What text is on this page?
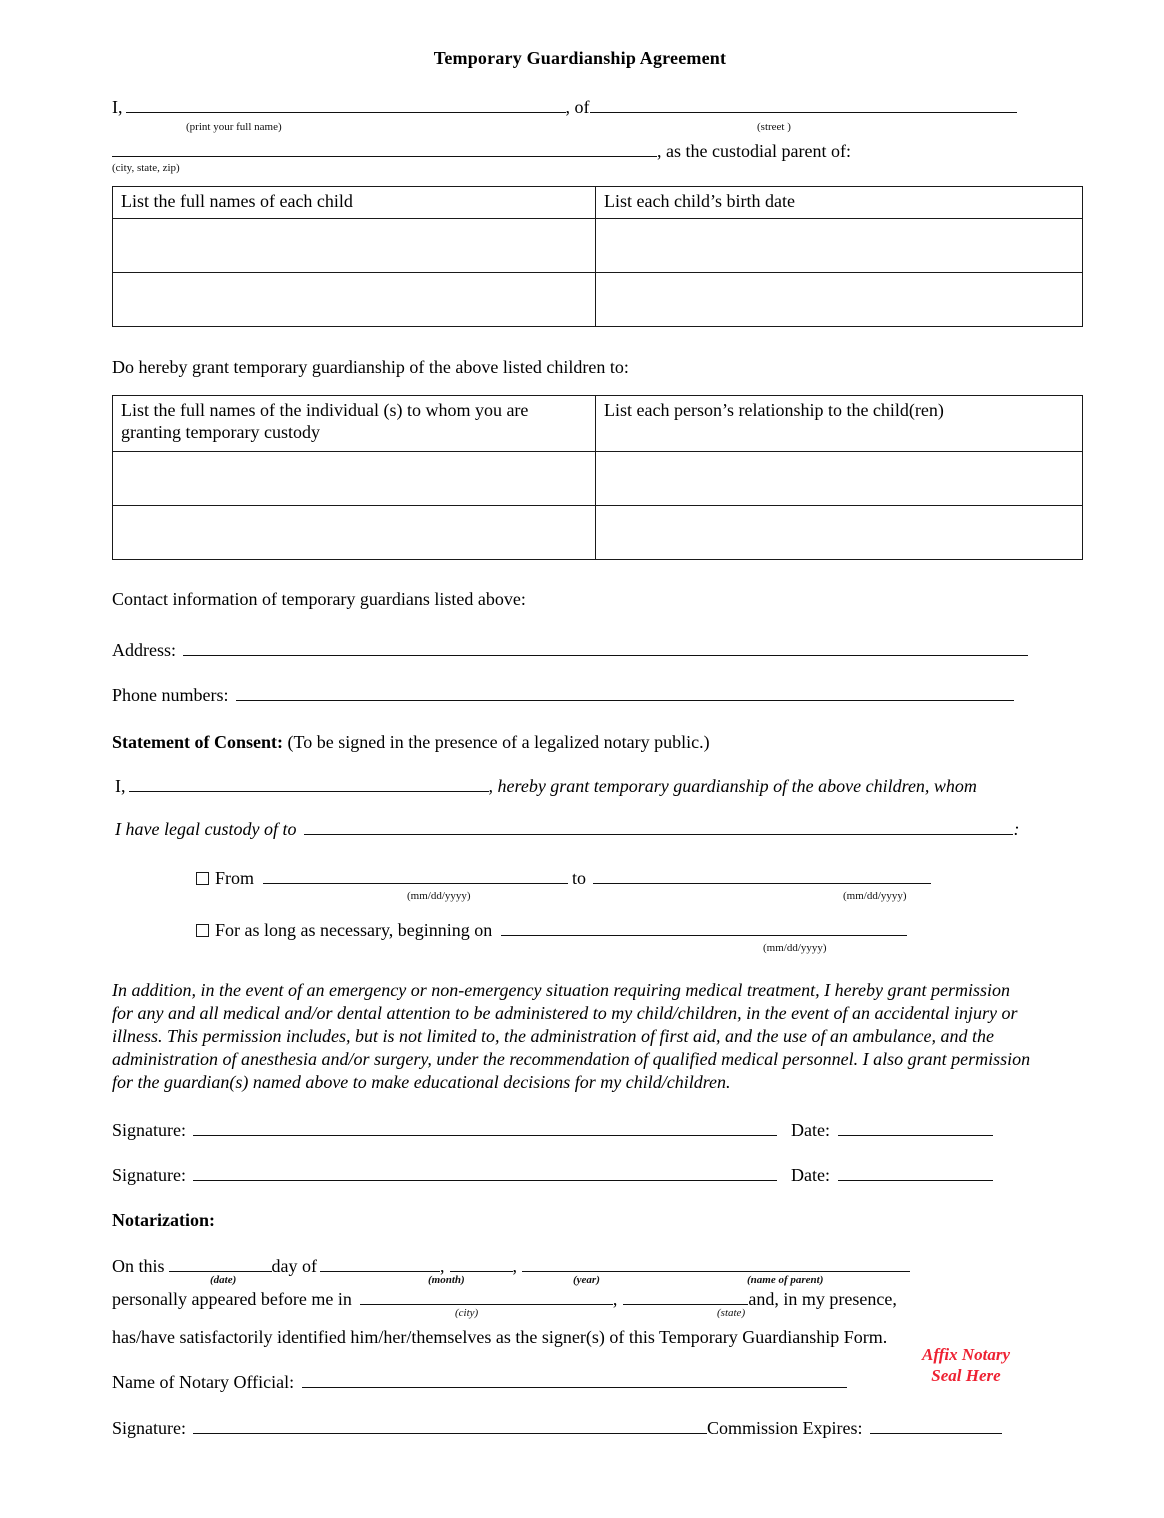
Temporary Guardianship Agreement
I,	, of
(print your full name)	(street )
, as the custodial parent of:
(city, state, zip)
List the full names of each child	List each child’s birth date

Do hereby grant temporary guardianship of the above listed children to:
List the full names of the individual (s) to whom you are granting temporary custody	List each person’s relationship to the child(ren)

Contact information of temporary guardians listed above:
Address:
Phone numbers:
Statement of Consent: (To be signed in the presence of a legalized notary public.)
I,	, hereby grant temporary guardianship of the above children, whom
I have legal custody of to	:
From	to
(mm/dd/yyyy)	(mm/dd/yyyy)
For as long as necessary, beginning on
(mm/dd/yyyy)
In addition, in the event of an emergency or non-emergency situation requiring medical treatment, I hereby grant permission for any and all medical and/or dental attention to be administered to my child/children, in the event of an accidental injury or illness. This permission includes, but is not limited to, the administration of first aid, and the use of an ambulance, and the administration of anesthesia and/or surgery, under the recommendation of qualified medical personnel. I also grant permission for the guardian(s) named above to make educational decisions for my child/children.
Signature:	Date:
Signature:	Date:
Notarization:
On this	day of	,	,
(date)	(month)	(year)	(name of parent)
personally appeared before me in	,	and, in my presence,
(city)	(state)
has/have satisfactorily identified him/her/themselves as the signer(s) of this Temporary Guardianship Form.
Name of Notary Official:
Signature:	Commission Expires:
Affix Notary
Seal Here
